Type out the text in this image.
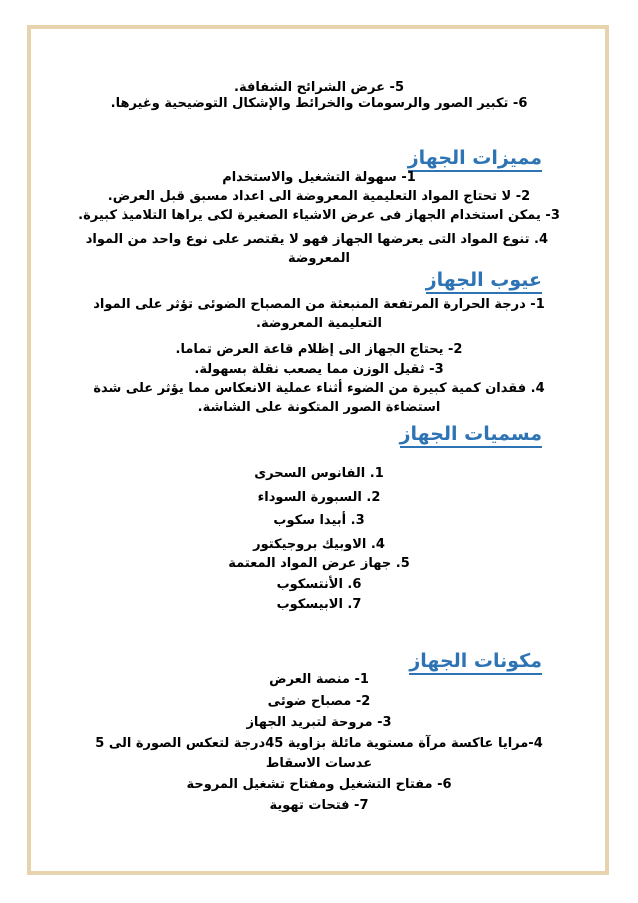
5- عرض الشرائح الشفافة.
6- تكبير الصور والرسومات والخرائط والإشكال التوضيحية وغيرها.
مميزات الجهاز
1- سهولة التشغيل والاستخدام
2- لا تحتاج المواد التعليمية المعروضة الى اعداد مسبق قبل العرض.
3- يمكن استخدام الجهاز فى عرض الاشياء الصغيرة لكى يراها التلاميذ كبيرة.
4. تنوع المواد التى يعرضها الجهاز فهو لا يقتصر على نوع واحد من المواد
المعروضة
عيوب الجهاز
1- درجة الحرارة المرتفعة المنبعثة من المصباح الضوئى تؤثر على المواد
التعليمية المعروضة.
2- يحتاج الجهاز الى إظلام قاعة العرض تماما.
3- ثقيل الوزن مما يصعب نقلة بسهولة.
4. فقدان كمية كبيرة من الضوء أثناء عملية الانعكاس مما يؤثر على شدة
استضاءة الصور المتكونة على الشاشة.
مسميات الجهاز
1. الفانوس السحرى
2. السبورة السوداء
3. أبيدا سكوب
4. الاوبيك بروجيكتور
5. جهاز عرض المواد المعتمة
6. الأنتسكوب
7. الابيسكوب
مكونات الجهاز
1- منصة العرض
2- مصباح ضوئى
3- مروحة لتبريد الجهاز
4-مرايا عاكسة مرآة مستوية مائلة بزاوية 45درجة لتعكس الصورة الى 5
عدسات الاسقاط
6- مفتاح التشغيل ومفتاح تشغيل المروحة
7- فتحات تهوية
